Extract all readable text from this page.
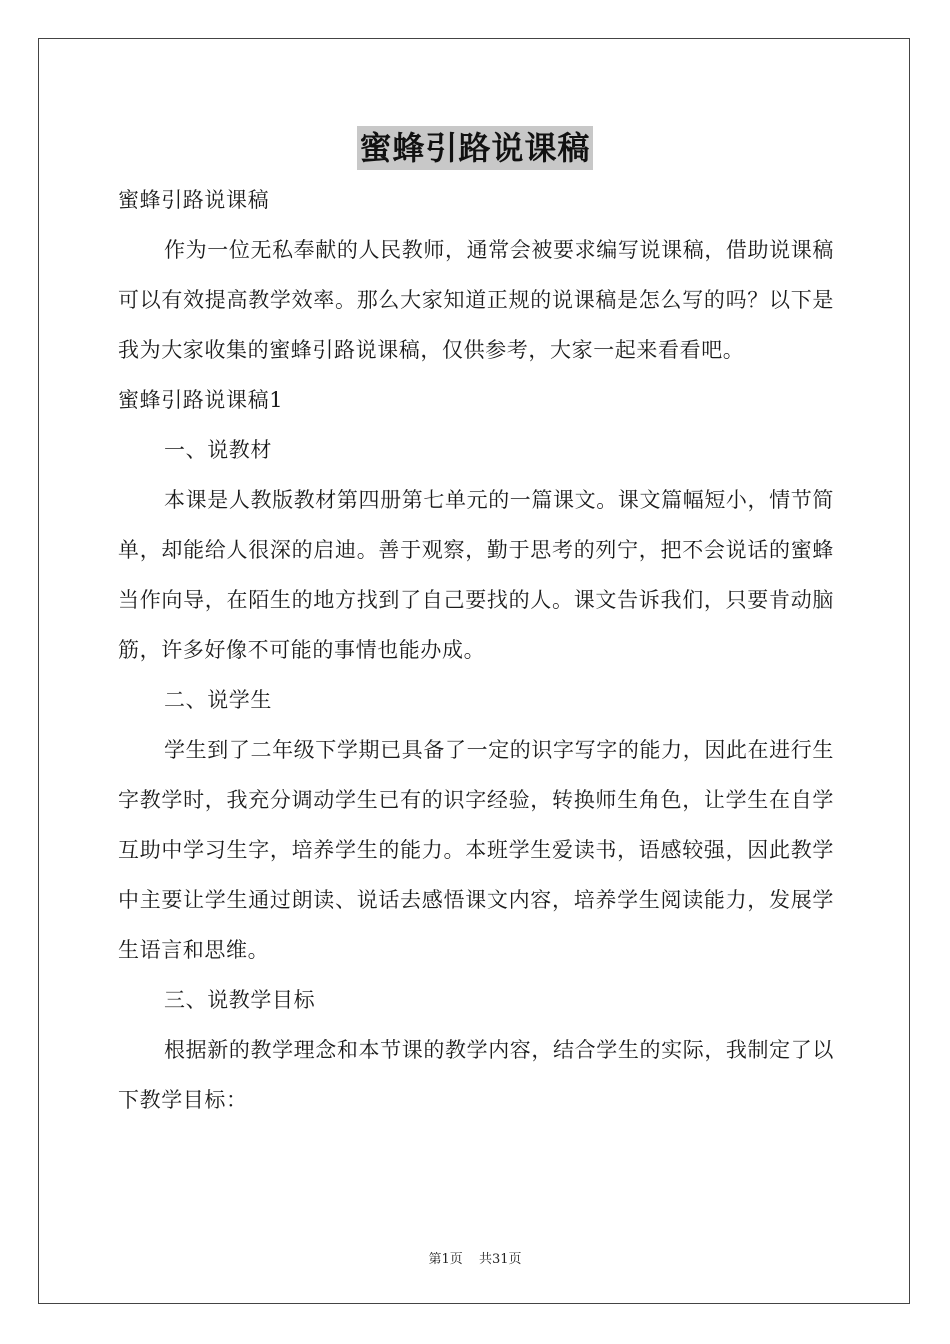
蜜蜂引路说课稿

蜜蜂引路说课稿

作为一位无私奉献的人民教师，通常会被要求编写说课稿，借助说课稿可以有效提高教学效率。那么大家知道正规的说课稿是怎么写的吗？以下是我为大家收集的蜜蜂引路说课稿，仅供参考，大家一起来看看吧。

蜜蜂引路说课稿1

一、说教材

本课是人教版教材第四册第七单元的一篇课文。课文篇幅短小，情节简单，却能给人很深的启迪。善于观察，勤于思考的列宁，把不会说话的蜜蜂当作向导，在陌生的地方找到了自己要找的人。课文告诉我们，只要肯动脑筋，许多好像不可能的事情也能办成。

二、说学生

学生到了二年级下学期已具备了一定的识字写字的能力，因此在进行生字教学时，我充分调动学生已有的识字经验，转换师生角色，让学生在自学互助中学习生字，培养学生的能力。本班学生爱读书，语感较强，因此教学中主要让学生通过朗读、说话去感悟课文内容，培养学生阅读能力，发展学生语言和思维。

三、说教学目标

根据新的教学理念和本节课的教学内容，结合学生的实际，我制定了以下教学目标：

第1页 共31页
